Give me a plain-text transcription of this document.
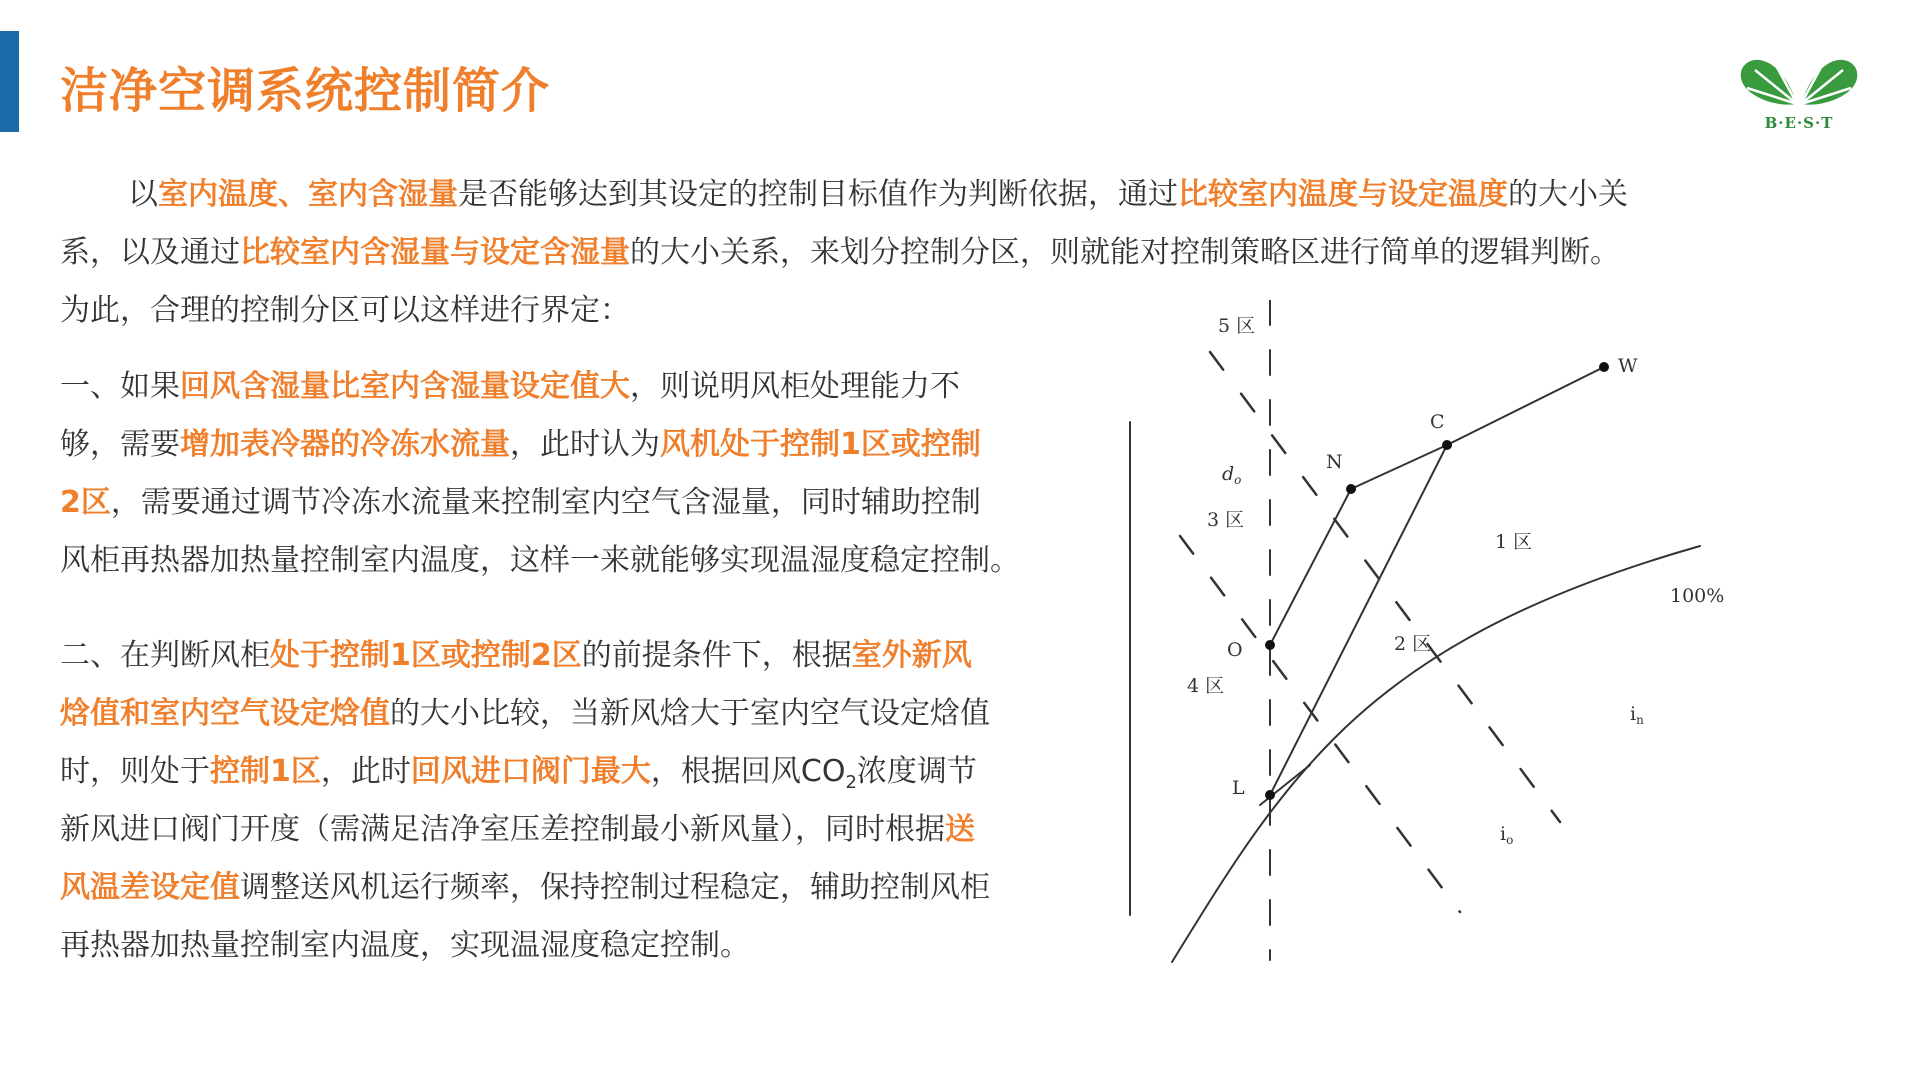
洁净空调系统控制简介
B·E·S·T
以室内温度、室内含湿量是否能够达到其设定的控制目标值作为判断依据，通过比较室内温度与设定温度的大小关
系，以及通过比较室内含湿量与设定含湿量的大小关系，来划分控制分区，则就能对控制策略区进行简单的逻辑判断。
为此，合理的控制分区可以这样进行界定：
一、如果回风含湿量比室内含湿量设定值大，则说明风柜处理能力不
够，需要增加表冷器的冷冻水流量，此时认为风机处于控制1区或控制
2区，需要通过调节冷冻水流量来控制室内空气含湿量，同时辅助控制
风柜再热器加热量控制室内温度，这样一来就能够实现温湿度稳定控制。
二、在判断风柜处于控制1区或控制2区的前提条件下，根据室外新风
焓值和室内空气设定焓值的大小比较，当新风焓大于室内空气设定焓值
时，则处于控制1区，此时回风进口阀门最大，根据回风$CO_2$浓度调节
新风进口阀门开度（需满足洁净室压差控制最小新风量），同时根据送
风温差设定值调整送风机运行频率，保持控制过程稳定，辅助控制风柜
再热器加热量控制室内温度，实现温湿度稳定控制。
5 区
3 区
4 区
1 区
2 区
W
C
N
O
L
$d_o$
100%
$i_n$
$i_o$
